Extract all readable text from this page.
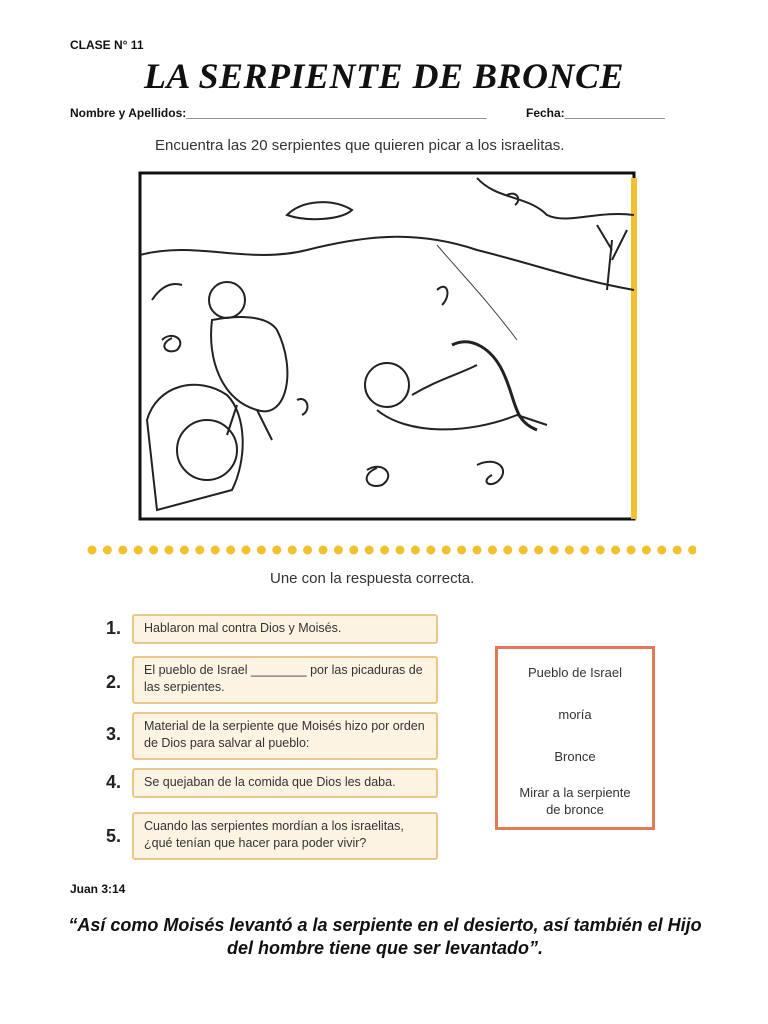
CLASE N° 11
LA SERPIENTE DE BRONCE
Nombre y Apellidos:_____________________________________________	Fecha:_______________
Encuentra las 20 serpientes que quieren picar a los israelitas.
Une con la respuesta correcta.
1.	Hablaron mal contra Dios y Moisés.
2.
El pueblo de Israel ________ por las picaduras de las serpientes.
3.	Material de la serpiente que Moisés hizo por orden de Dios para salvar al pueblo:
4.	Se quejaban de la comida que Dios les daba.
5.	Cuando las serpientes mordían a los israelitas, ¿qué tenían que hacer para poder vivir?
Pueblo de Israel
moría
Bronce
Mirar a la serpiente de bronce
Juan 3:14
“Así como Moisés levantó a la serpiente en el desierto, así también el Hijo del hombre tiene que ser levantado”.
